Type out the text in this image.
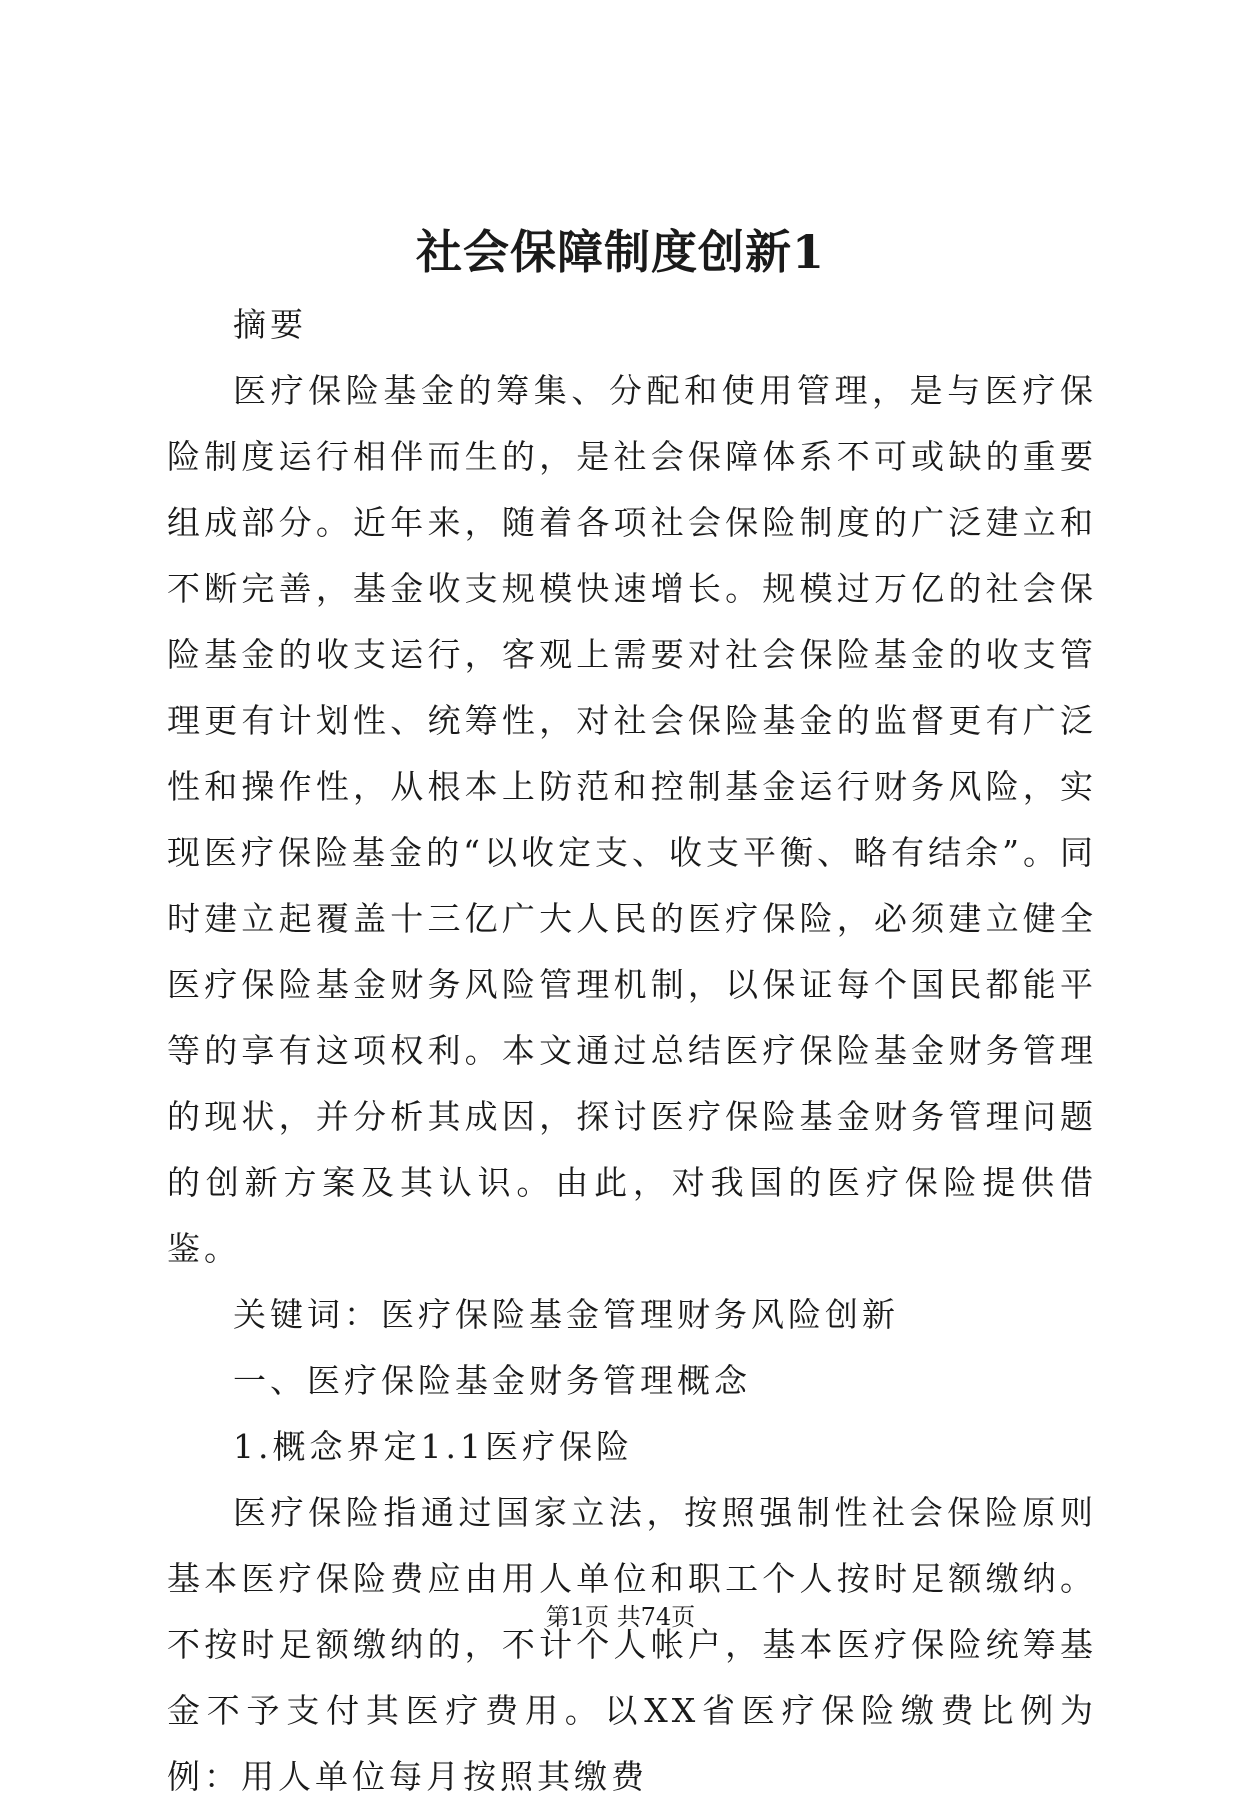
社会保障制度创新1

摘要

医疗保险基金的筹集、分配和使用管理，是与医疗保险制度运行相伴而生的，是社会保障体系不可或缺的重要组成部分。近年来，随着各项社会保险制度的广泛建立和不断完善，基金收支规模快速增长。规模过万亿的社会保险基金的收支运行，客观上需要对社会保险基金的收支管理更有计划性、统筹性，对社会保险基金的监督更有广泛性和操作性，从根本上防范和控制基金运行财务风险，实现医疗保险基金的“以收定支、收支平衡、略有结余”。同时建立起覆盖十三亿广大人民的医疗保险，必须建立健全医疗保险基金财务风险管理机制，以保证每个国民都能平等的享有这项权利。本文通过总结医疗保险基金财务管理的现状，并分析其成因，探讨医疗保险基金财务管理问题的创新方案及其认识。由此，对我国的医疗保险提供借鉴。

关键词：医疗保险基金管理财务风险创新

一、医疗保险基金财务管理概念

1.概念界定1.1医疗保险

医疗保险指通过国家立法，按照强制性社会保险原则基本医疗保险费应由用人单位和职工个人按时足额缴纳。不按时足额缴纳的，不计个人帐户，基本医疗保险统筹基金不予支付其医疗费用。以XX省医疗保险缴费比例为例：用人单位每月按照其缴费

第1页 共74页
